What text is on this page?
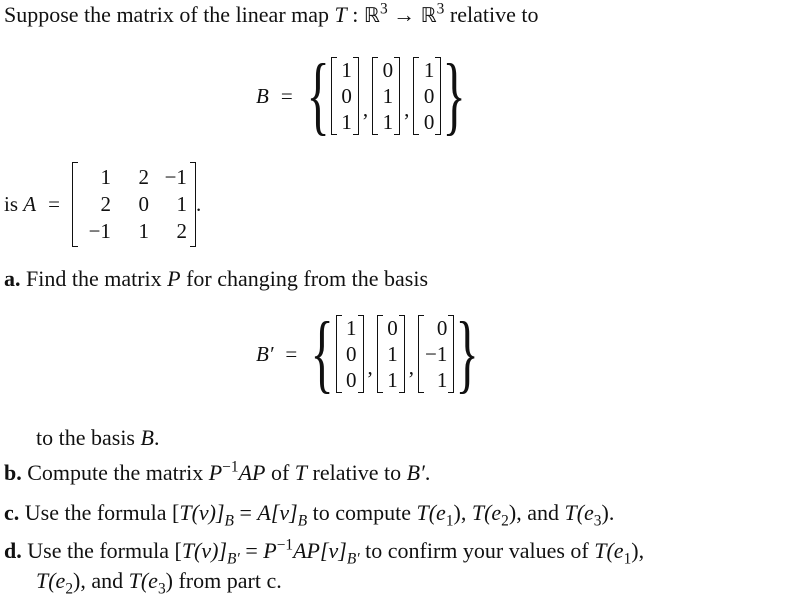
Suppose the matrix of the linear map T : ℝ$^3$ → ℝ$^3$ relative to
B = { 1
0
1
,
0
1
1
,
1
0
0 }
is A =
1	2 −1
2	0	1
−1	1	2
.
a. Find the matrix P for changing from the basis
B′ = { 1
0
0
,
0
1
1
,
0
−1
1 }
to the basis B.
b. Compute the matrix $P^{-1}AP$ of T relative to B′.
c. Use the formula $[T(v)]_B = A[v]_B$ to compute $T(e_1)$, $T(e_2)$, and $T(e_3)$.
d. Use the formula $[T(v)]_{B'} = P^{-1}AP[v]_{B'}$ to confirm your values of $T(e_1)$,
$T(e_2)$, and $T(e_3)$ from part c.
